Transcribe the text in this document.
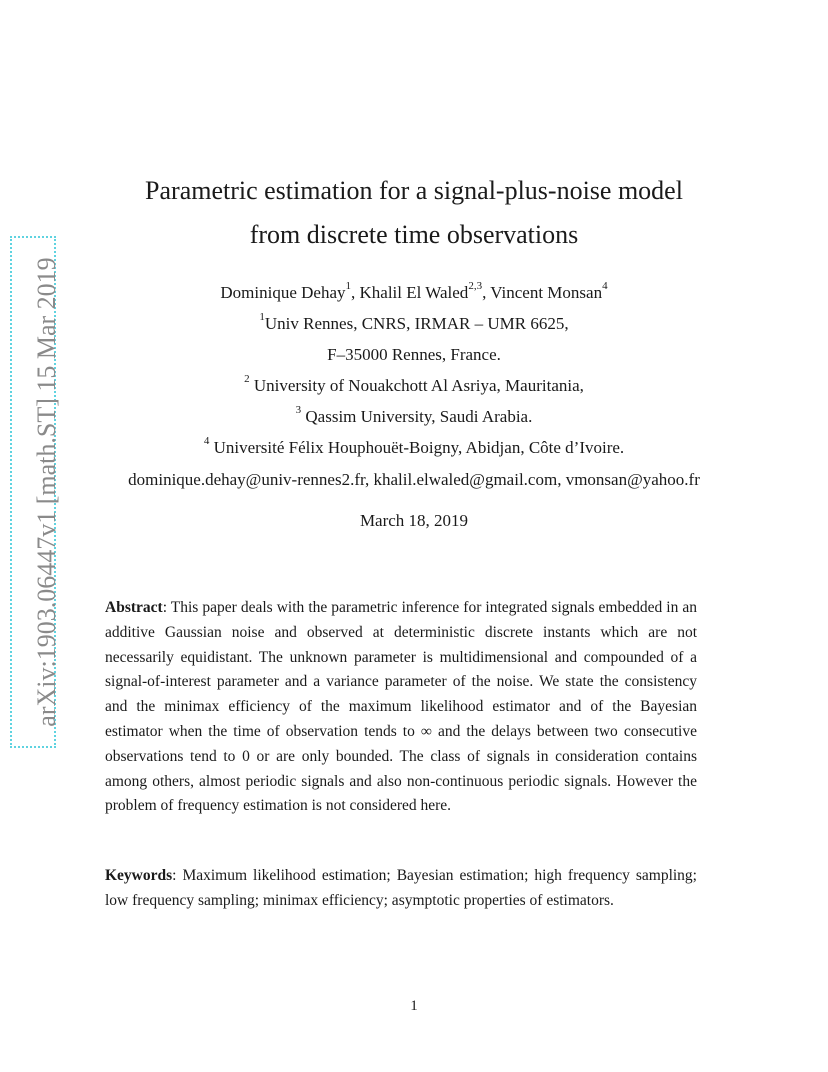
arXiv:1903.06447v1 [math.ST] 15 Mar 2019
Parametric estimation for a signal-plus-noise model
from discrete time observations
Dominique Dehay$^1$, Khalil El Waled$^{2,3}$, Vincent Monsan$^4$
$^1$Univ Rennes, CNRS, IRMAR – UMR 6625,
F–35000 Rennes, France.
$^2$ University of Nouakchott Al Asriya, Mauritania,
$^3$ Qassim University, Saudi Arabia.
$^4$ Université Félix Houphouët-Boigny, Abidjan, Côte d’Ivoire.
dominique.dehay@univ-rennes2.fr, khalil.elwaled@gmail.com, vmonsan@yahoo.fr
March 18, 2019
Abstract: This paper deals with the parametric inference for integrated signals embedded in an additive Gaussian noise and observed at deterministic discrete instants which are not necessarily equidistant. The unknown parameter is multidimensional and compounded of a signal-of-interest parameter and a variance parameter of the noise. We state the consistency and the minimax efficiency of the maximum likelihood estimator and of the Bayesian estimator when the time of observation tends to ∞ and the delays between two consecutive observations tend to 0 or are only bounded. The class of signals in consideration contains among others, almost periodic signals and also non-continuous periodic signals. However the problem of frequency estimation is not considered here.
Keywords: Maximum likelihood estimation; Bayesian estimation; high frequency sampling; low frequency sampling; minimax efficiency; asymptotic properties of estimators.
1
